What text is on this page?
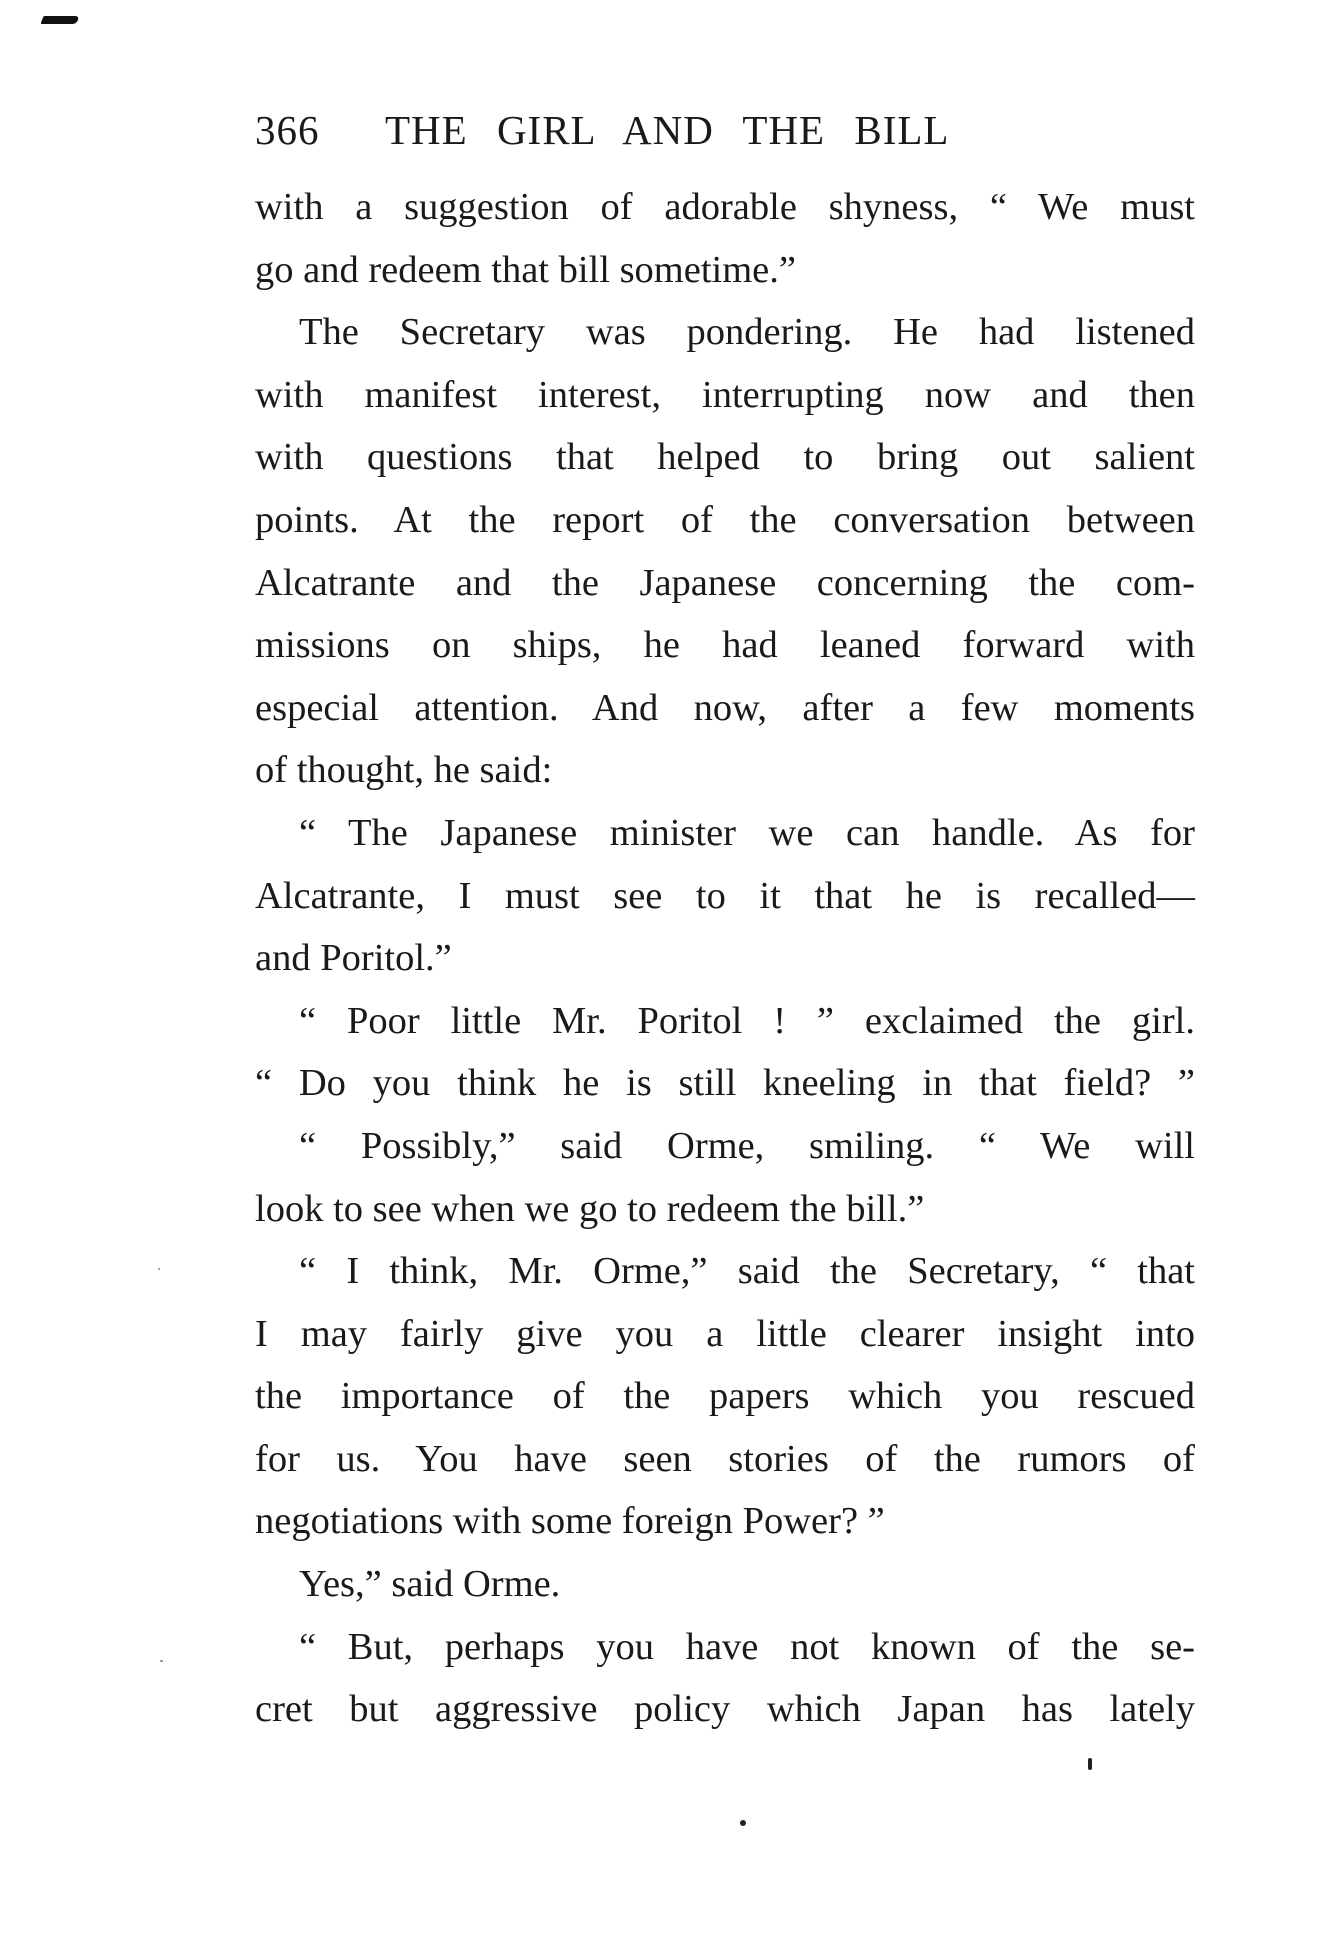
366 THE GIRL AND THE BILL
with a suggestion of adorable shyness, “ We must
go and redeem that bill sometime.”
The Secretary was pondering. He had listened
with manifest interest, interrupting now and then
with questions that helped to bring out salient
points. At the report of the conversation between
Alcatrante and the Japanese concerning the com-
missions on ships, he had leaned forward with
especial attention. And now, after a few moments
of thought, he said:
“ The Japanese minister we can handle. As for
Alcatrante, I must see to it that he is recalled—
and Poritol.”
“ Poor little Mr. Poritol ! ” exclaimed the girl.
“ Do you think he is still kneeling in that field? ”
“ Possibly,” said Orme, smiling. “ We will
look to see when we go to redeem the bill.”
“ I think, Mr. Orme,” said the Secretary, “ that
I may fairly give you a little clearer insight into
the importance of the papers which you rescued
for us. You have seen stories of the rumors of
negotiations with some foreign Power? ”
Yes,” said Orme.
“ But, perhaps you have not known of the se-
cret but aggressive policy which Japan has lately
